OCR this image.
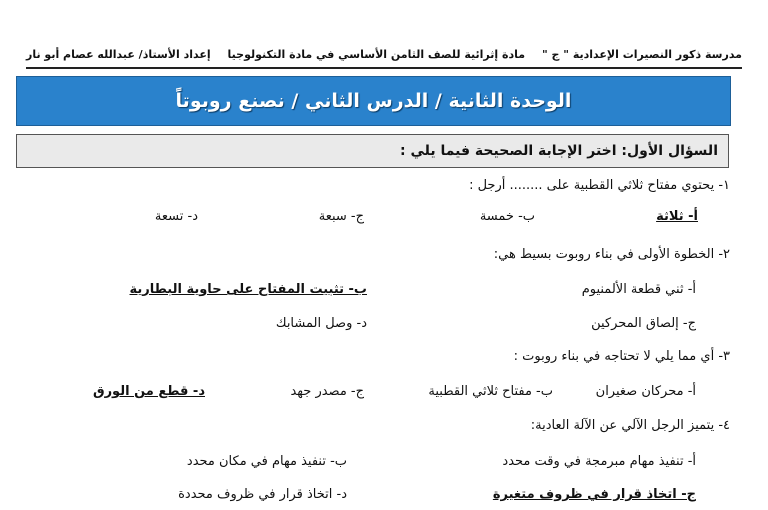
مدرسة ذكور النصيرات الإعدادية " ج "
مادة إثرائية للصف الثامن الأساسي في مادة التكنولوجيا
إعداد الأستاذ/ عبدالله عصام أبو نار
الوحدة الثانية / الدرس الثاني / نصنع روبوتاً
السؤال الأول: اختر الإجابة الصحيحة فيما يلي :
١- يحتوي مفتاح ثلاثي القطبية على ........ أرجل :
أ- ثلاثة
ب- خمسة
ج- سبعة
د- تسعة
٢- الخطوة الأولى في بناء روبوت بسيط هي:
أ- ثني قطعة الألمنيوم
ب- تثبيت المفتاح على حاوية البطارية
ج- إلصاق المحركين
د- وصل المشابك
٣- أي مما يلي لا تحتاجه في بناء روبوت :
أ- محركان صغيران
ب- مفتاح ثلاثي القطبية
ج- مصدر جهد
د- قطع من الورق
٤- يتميز الرجل الآلي عن الآلة العادية:
أ- تنفيذ مهام مبرمجة في وقت محدد
ب- تنفيذ مهام في مكان محدد
ج- اتخاذ قرار في ظروف متغيرة
د- اتخاذ قرار في ظروف محددة
